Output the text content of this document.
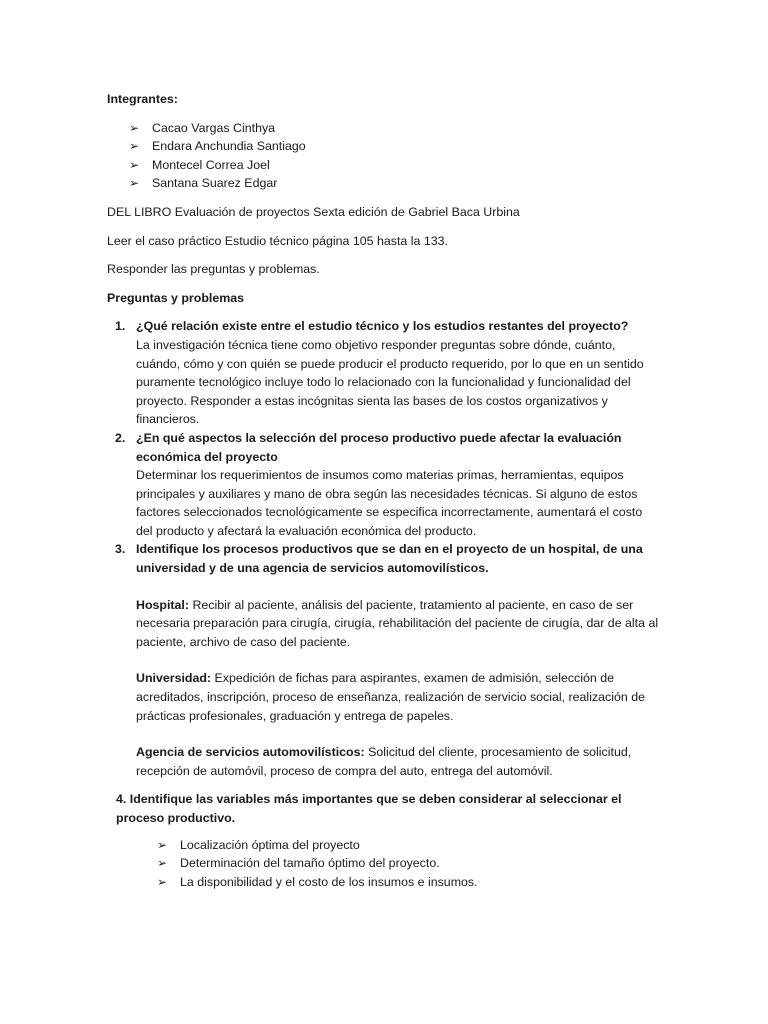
Integrantes:

➢	Cacao Vargas Cinthya
➢	Endara Anchundia Santiago
➢	Montecel Correa Joel
➢	Santana Suarez Edgar

DEL LIBRO Evaluación de proyectos Sexta edición de Gabriel Baca Urbina

Leer el caso práctico Estudio técnico página 105 hasta la 133.

Responder las preguntas y problemas.

Preguntas y problemas

1. ¿Qué relación existe entre el estudio técnico y los estudios restantes del proyecto?
La investigación técnica tiene como objetivo responder preguntas sobre dónde, cuánto, cuándo, cómo y con quién se puede producir el producto requerido, por lo que en un sentido puramente tecnológico incluye todo lo relacionado con la funcionalidad y funcionalidad del proyecto. Responder a estas incógnitas sienta las bases de los costos organizativos y financieros.
2. ¿En qué aspectos la selección del proceso productivo puede afectar la evaluación económica del proyecto
Determinar los requerimientos de insumos como materias primas, herramientas, equipos principales y auxiliares y mano de obra según las necesidades técnicas. Si alguno de estos factores seleccionados tecnológicamente se especifica incorrectamente, aumentará el costo del producto y afectará la evaluación económica del producto.
3. Identifique los procesos productivos que se dan en el proyecto de un hospital, de una universidad y de una agencia de servicios automovilísticos.
Hospital: Recibir al paciente, análisis del paciente, tratamiento al paciente, en caso de ser necesaria preparación para cirugía, cirugía, rehabilitación del paciente de cirugía, dar de alta al paciente, archivo de caso del paciente.
Universidad: Expedición de fichas para aspirantes, examen de admisión, selección de acreditados, inscripción, proceso de enseñanza, realización de servicio social, realización de prácticas profesionales, graduación y entrega de papeles.
Agencia de servicios automovilísticos: Solicitud del cliente, procesamiento de solicitud, recepción de automóvil, proceso de compra del auto, entrega del automóvil.

4. Identifique las variables más importantes que se deben considerar al seleccionar el proceso productivo.

➢	Localización óptima del proyecto
➢	Determinación del tamaño óptimo del proyecto.
➢	La disponibilidad y el costo de los insumos e insumos.
